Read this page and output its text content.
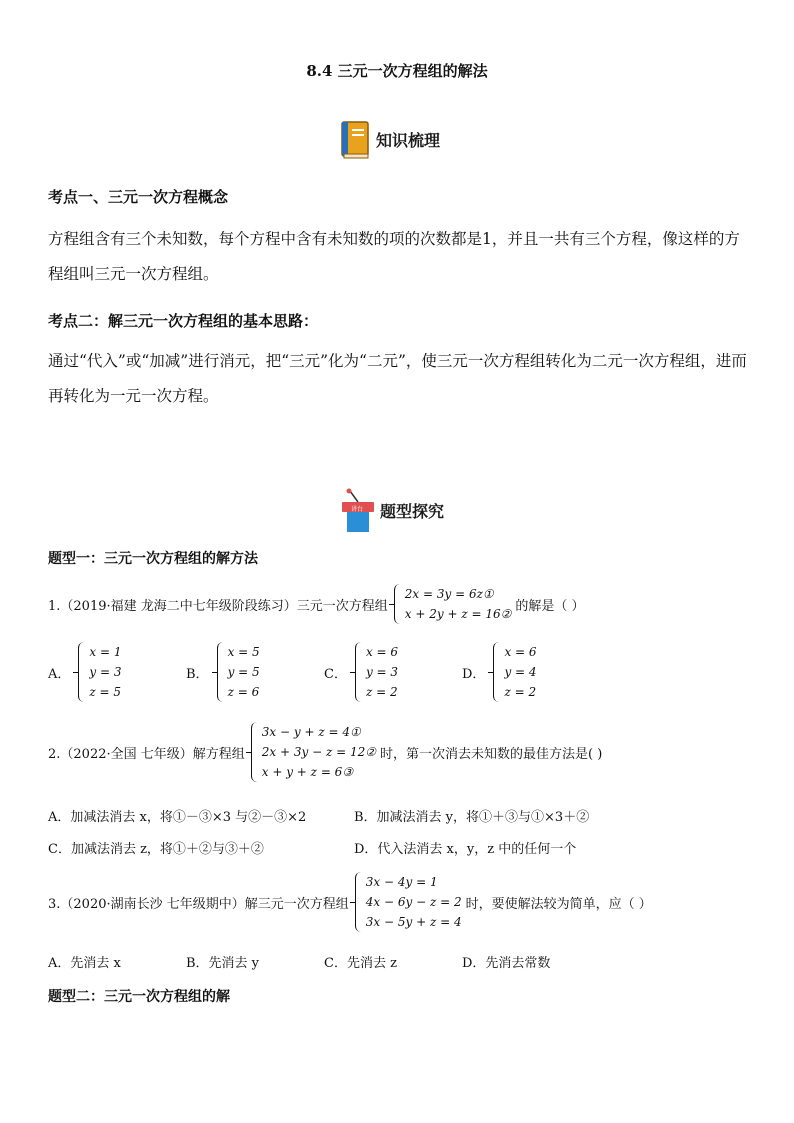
8.4 三元一次方程组的解法
知识梳理
考点一、三元一次方程概念
方程组含有三个未知数，每个方程中含有未知数的项的次数都是1，并且一共有三个方程，像这样的方程组叫三元一次方程组。
考点二：解三元一次方程组的基本思路：
通过“代入”或“加减”进行消元，把“三元”化为“二元”，使三元一次方程组转化为二元一次方程组，进而再转化为一元一次方程。
讲台 题型探究
题型一：三元一次方程组的解方法
1.（2019·福建 龙海二中七年级阶段练习）三元一次方程组
2x = 3y = 6z①
x + 2y + z = 16②
的解是（ ）
A．
x = 1
y = 3
z = 5
B．
x = 5
y = 5
z = 6
C．
x = 6
y = 3
z = 2
D．
x = 6
y = 4
z = 2
2.（2022·全国 七年级）解方程组
3x − y + z = 4①
2x + 3y − z = 12②
x + y + z = 6③
时，第一次消去未知数的最佳方法是( )
A．加减法消去 x，将①－③×3 与②－③×2	B．加减法消去 y，将①＋③与①×3＋②
C．加减法消去 z，将①＋②与③＋②	D．代入法消去 x，y，z 中的任何一个
3.（2020·湖南长沙 七年级期中）解三元一次方程组
3x − 4y = 1
4x − 6y − z = 2
3x − 5y + z = 4
时，要使解法较为简单，应（ ）
A．先消去 x	B．先消去 y	C．先消去 z	D．先消去常数
题型二：三元一次方程组的解
